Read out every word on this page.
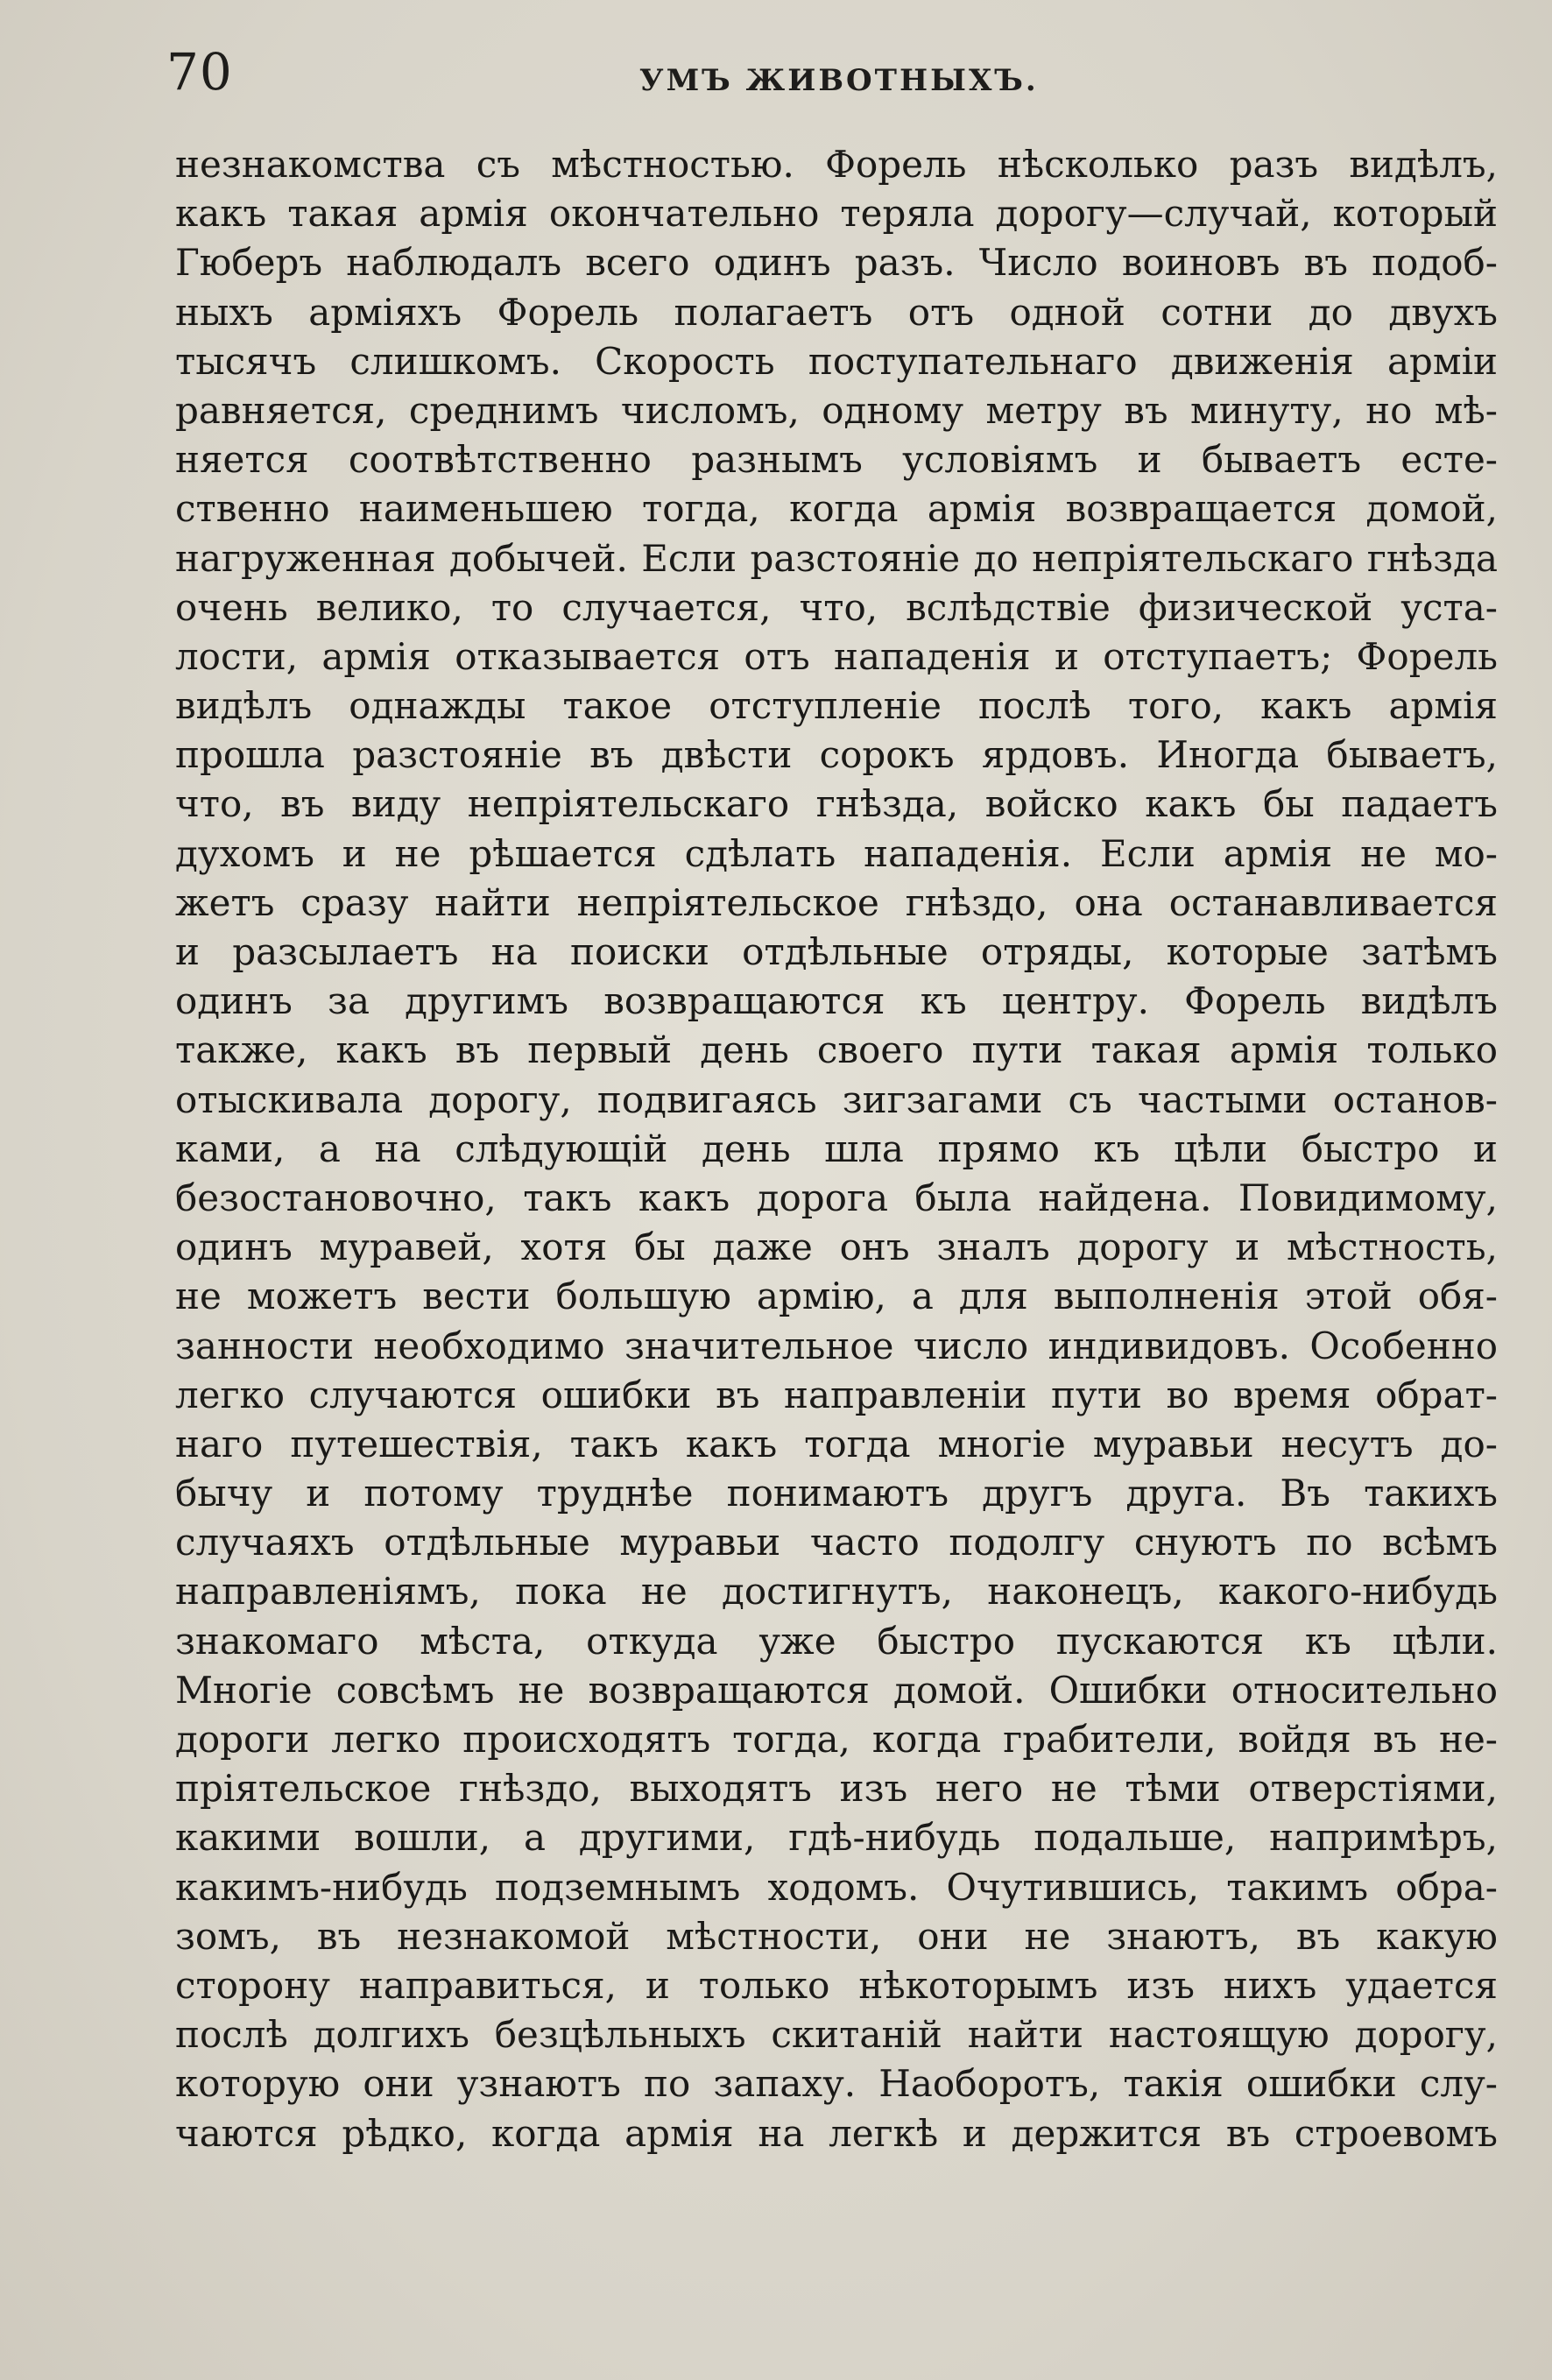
70	УМЪ ЖИВОТНЫХЪ.
незнакомства съ мѣстностью. Форель нѣсколько разъ видѣлъ,
какъ такая армія окончательно теряла дорогу—случай, который
Гюберъ наблюдалъ всего одинъ разъ. Число воиновъ въ подоб-
ныхъ арміяхъ Форель полагаетъ отъ одной сотни до двухъ
тысячъ слишкомъ. Скорость поступательнаго движенія арміи
равняется, среднимъ числомъ, одному метру въ минуту, но мѣ-
няется соотвѣтственно разнымъ условіямъ и бываетъ есте-
ственно наименьшею тогда, когда армія возвращается домой,
нагруженная добычей. Если разстояніе до непріятельскаго гнѣзда
очень велико, то случается, что, вслѣдствіе физической уста-
лости, армія отказывается отъ нападенія и отступаетъ; Форель
видѣлъ однажды такое отступленіе послѣ того, какъ армія
прошла разстояніе въ двѣсти сорокъ ярдовъ. Иногда бываетъ,
что, въ виду непріятельскаго гнѣзда, войско какъ бы падаетъ
духомъ и не рѣшается сдѣлать нападенія. Если армія не мо-
жетъ сразу найти непріятельское гнѣздо, она останавливается
и разсылаетъ на поиски отдѣльные отряды, которые затѣмъ
одинъ за другимъ возвращаются къ центру. Форель видѣлъ
также, какъ въ первый день своего пути такая армія только
отыскивала дорогу, подвигаясь зигзагами съ частыми останов-
ками, а на слѣдующій день шла прямо къ цѣли быстро и
безостановочно, такъ какъ дорога была найдена. Повидимому,
одинъ муравей, хотя бы даже онъ зналъ дорогу и мѣстность,
не можетъ вести большую армію, а для выполненія этой обя-
занности необходимо значительное число индивидовъ. Особенно
легко случаются ошибки въ направленіи пути во время обрат-
наго путешествія, такъ какъ тогда многіе муравьи несутъ до-
бычу и потому труднѣе понимаютъ другъ друга. Въ такихъ
случаяхъ отдѣльные муравьи часто подолгу снуютъ по всѣмъ
направленіямъ, пока не достигнутъ, наконецъ, какого-нибудь
знакомаго мѣста, откуда уже быстро пускаются къ цѣли.
Многіе совсѣмъ не возвращаются домой. Ошибки относительно
дороги легко происходятъ тогда, когда грабители, войдя въ не-
пріятельское гнѣздо, выходятъ изъ него не тѣми отверстіями,
какими вошли, а другими, гдѣ-нибудь подальше, напримѣръ,
какимъ-нибудь подземнымъ ходомъ. Очутившись, такимъ обра-
зомъ, въ незнакомой мѣстности, они не знаютъ, въ какую
сторону направиться, и только нѣкоторымъ изъ нихъ удается
послѣ долгихъ безцѣльныхъ скитаній найти настоящую дорогу,
которую они узнаютъ по запаху. Наоборотъ, такія ошибки слу-
чаются рѣдко, когда армія на легкѣ и держится въ строевомъ
